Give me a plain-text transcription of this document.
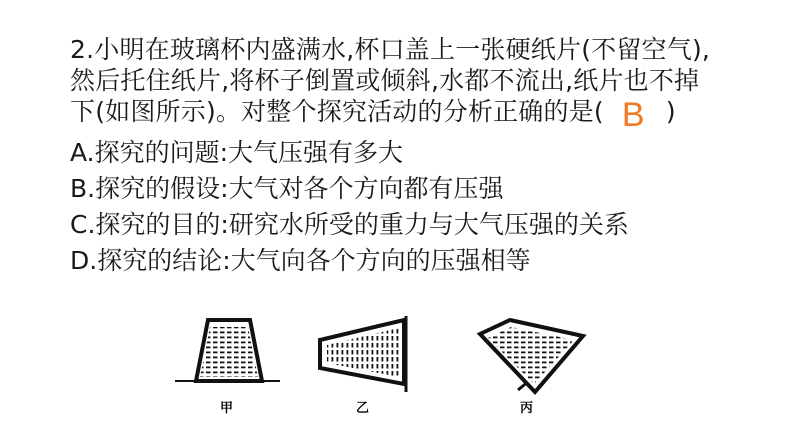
2.小明在玻璃杯内盛满水,杯口盖上一张硬纸片(不留空气),
然后托住纸片,将杯子倒置或倾斜,水都不流出,纸片也不掉
下(如图所示)。对整个探究活动的分析正确的是( B )
A.探究的问题:大气压强有多大
B.探究的假设:大气对各个方向都有压强
C.探究的目的:研究水所受的重力与大气压强的关系
D.探究的结论:大气向各个方向的压强相等
甲	乙	丙
